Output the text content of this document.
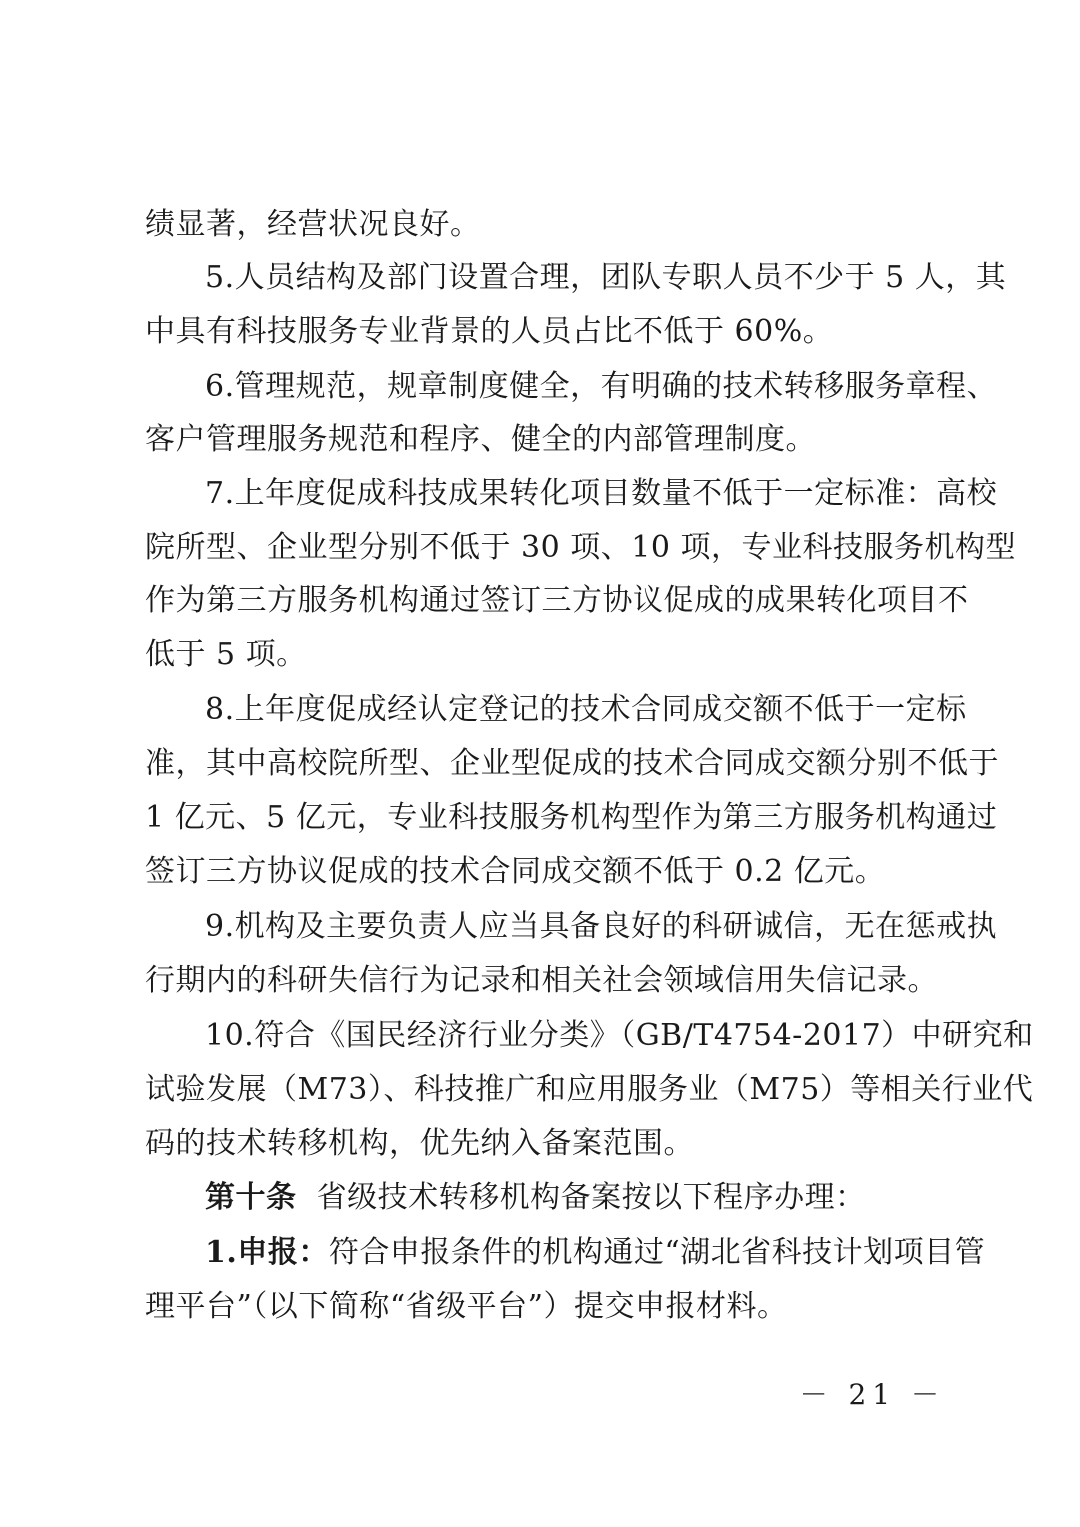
绩显著，经营状况良好。
5.人员结构及部门设置合理，团队专职人员不少于 5 人，其
中具有科技服务专业背景的人员占比不低于 60%。
6.管理规范，规章制度健全，有明确的技术转移服务章程、
客户管理服务规范和程序、健全的内部管理制度。
7.上年度促成科技成果转化项目数量不低于一定标准：高校
院所型、企业型分别不低于 30 项、10 项，专业科技服务机构型
作为第三方服务机构通过签订三方协议促成的成果转化项目不
低于 5 项。
8.上年度促成经认定登记的技术合同成交额不低于一定标
准，其中高校院所型、企业型促成的技术合同成交额分别不低于
1 亿元、5 亿元，专业科技服务机构型作为第三方服务机构通过
签订三方协议促成的技术合同成交额不低于 0.2 亿元。
9.机构及主要负责人应当具备良好的科研诚信，无在惩戒执
行期内的科研失信行为记录和相关社会领域信用失信记录。
10.符合《国民经济行业分类》（GB/T4754-2017）中研究和
试验发展（M73）、科技推广和应用服务业（M75）等相关行业代
码的技术转移机构，优先纳入备案范围。
第十条 省级技术转移机构备案按以下程序办理：
1.申报：符合申报条件的机构通过“湖北省科技计划项目管
理平台”（以下简称“省级平台”）提交申报材料。
－ 21 －
